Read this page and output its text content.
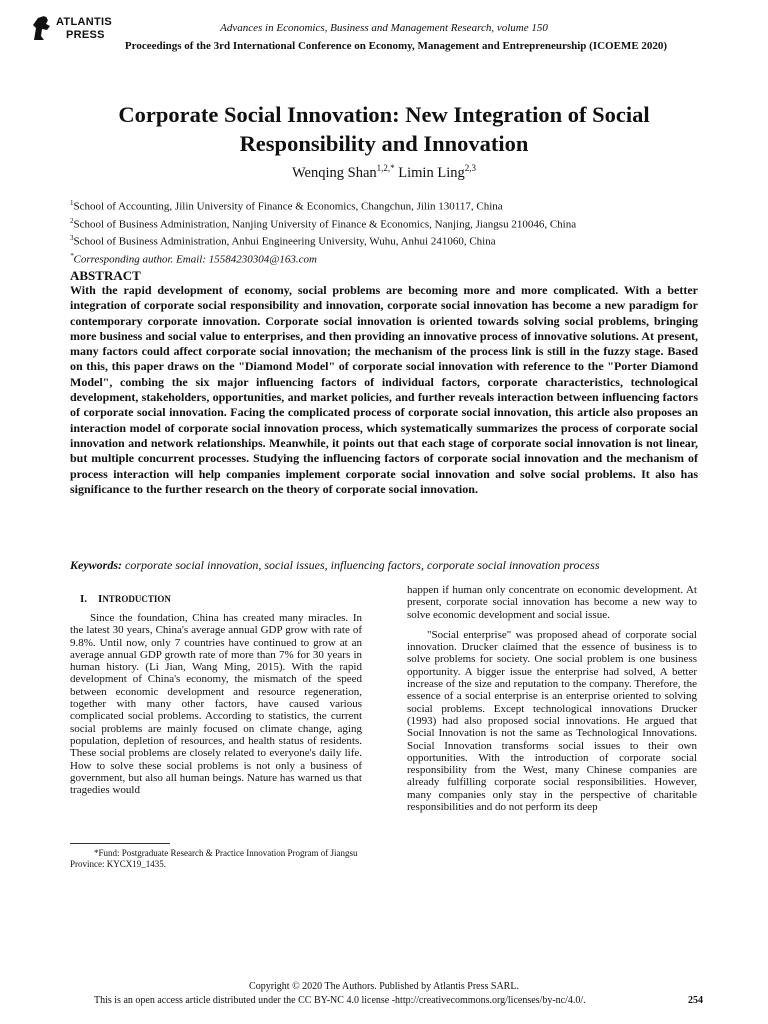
ATLANTIS
PRESS
Advances in Economics, Business and Management Research, volume 150
Proceedings of the 3rd International Conference on Economy, Management and Entrepreneurship (ICOEME 2020)
Corporate Social Innovation: New Integration of Social
Responsibility and Innovation
Wenqing Shan$^{1,2,*}$ Limin Ling$^{2,3}$
$^1$School of Accounting, Jilin University of Finance & Economics, Changchun, Jilin 130117, China
$^2$School of Business Administration, Nanjing University of Finance & Economics, Nanjing, Jiangsu 210046, China
$^3$School of Business Administration, Anhui Engineering University, Wuhu, Anhui 241060, China
*Corresponding author. Email: 15584230304@163.com
ABSTRACT
With the rapid development of economy, social problems are becoming more and more complicated. With a better integration of corporate social responsibility and innovation, corporate social innovation has become a new paradigm for contemporary corporate innovation. Corporate social innovation is oriented towards solving social problems, bringing more business and social value to enterprises, and then providing an innovative process of innovative solutions. At present, many factors could affect corporate social innovation; the mechanism of the process link is still in the fuzzy stage. Based on this, this paper draws on the "Diamond Model" of corporate social innovation with reference to the "Porter Diamond Model", combing the six major influencing factors of individual factors, corporate characteristics, technological development, stakeholders, opportunities, and market policies, and further reveals interaction between influencing factors of corporate social innovation. Facing the complicated process of corporate social innovation, this article also proposes an interaction model of corporate social innovation process, which systematically summarizes the process of corporate social innovation and network relationships. Meanwhile, it points out that each stage of corporate social innovation is not linear, but multiple concurrent processes. Studying the influencing factors of corporate social innovation and the mechanism of process interaction will help companies implement corporate social innovation and solve social problems. It also has significance to the further research on the theory of corporate social innovation.
Keywords: corporate social innovation, social issues, influencing factors, corporate social innovation process
I. INTRODUCTION

Since the foundation, China has created many miracles. In the latest 30 years, China's average annual GDP grow with rate of 9.8%. Until now, only 7 countries have continued to grow at an average annual GDP growth rate of more than 7% for 30 years in human history. (Li Jian, Wang Ming, 2015). With the rapid development of China's economy, the mismatch of the speed between economic development and resource regeneration, together with many other factors, have caused various complicated social problems. According to statistics, the current social problems are mainly focused on climate change, aging population, depletion of resources, and health status of residents. These social problems are closely related to everyone's daily life. How to solve these social problems is not only a business of government, but also all human beings. Nature has warned us that tragedies would

*Fund: Postgraduate Research & Practice Innovation Program of Jiangsu Province: KYCX19_1435.

happen if human only concentrate on economic development. At present, corporate social innovation has become a new way to solve economic development and social issue.

"Social enterprise" was proposed ahead of corporate social innovation. Drucker claimed that the essence of business is to solve problems for society. One social problem is one business opportunity. A bigger issue the enterprise had solved, A better increase of the size and reputation to the company. Therefore, the essence of a social enterprise is an enterprise oriented to solving social problems. Except technological innovations Drucker (1993) had also proposed social innovations. He argued that Social Innovation is not the same as Technological Innovations. Social Innovation transforms social issues to their own opportunities. With the introduction of corporate social responsibility from the West, many Chinese companies are already fulfilling corporate social responsibilities. However, many companies only stay in the perspective of charitable responsibilities and do not perform its deep

Copyright © 2020 The Authors. Published by Atlantis Press SARL.
This is an open access article distributed under the CC BY-NC 4.0 license -http://creativecommons.org/licenses/by-nc/4.0/.	254
